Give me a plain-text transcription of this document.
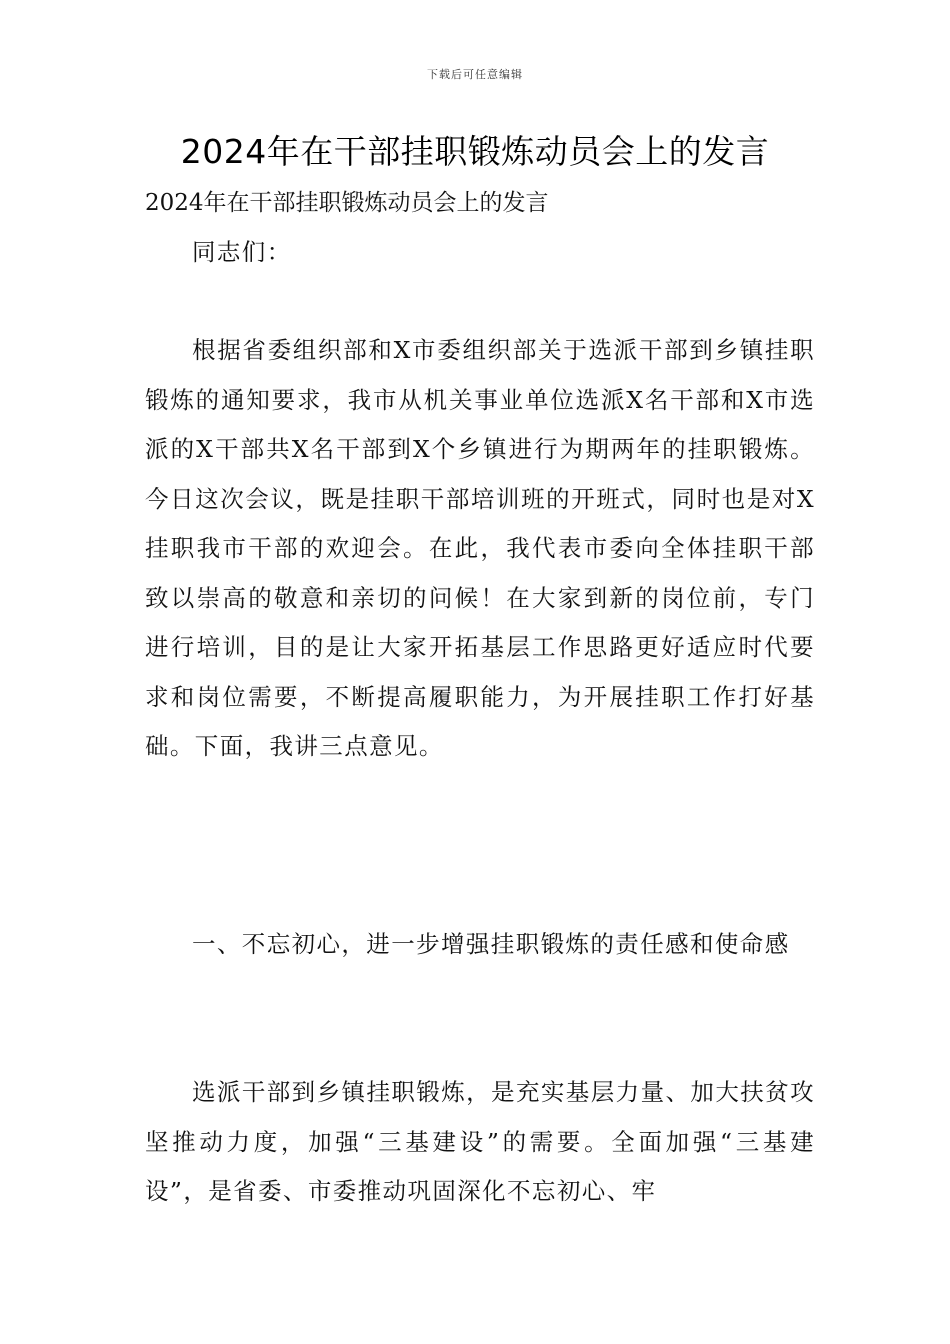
下载后可任意编辑
2024年在干部挂职锻炼动员会上的发言
2024年在干部挂职锻炼动员会上的发言

同志们：

根据省委组织部和X市委组织部关于选派干部到乡镇挂职锻炼的通知要求，我市从机关事业单位选派X名干部和X市选派的X干部共X名干部到X个乡镇进行为期两年的挂职锻炼。今日这次会议，既是挂职干部培训班的开班式，同时也是对X挂职我市干部的欢迎会。在此，我代表市委向全体挂职干部致以崇高的敬意和亲切的问候！在大家到新的岗位前，专门进行培训，目的是让大家开拓基层工作思路更好适应时代要求和岗位需要，不断提高履职能力，为开展挂职工作打好基础。下面，我讲三点意见。

一、不忘初心，进一步增强挂职锻炼的责任感和使命感

选派干部到乡镇挂职锻炼，是充实基层力量、加大扶贫攻坚推动力度，加强“三基建设”的需要。全面加强“三基建设”，是省委、市委推动巩固深化不忘初心、牢
